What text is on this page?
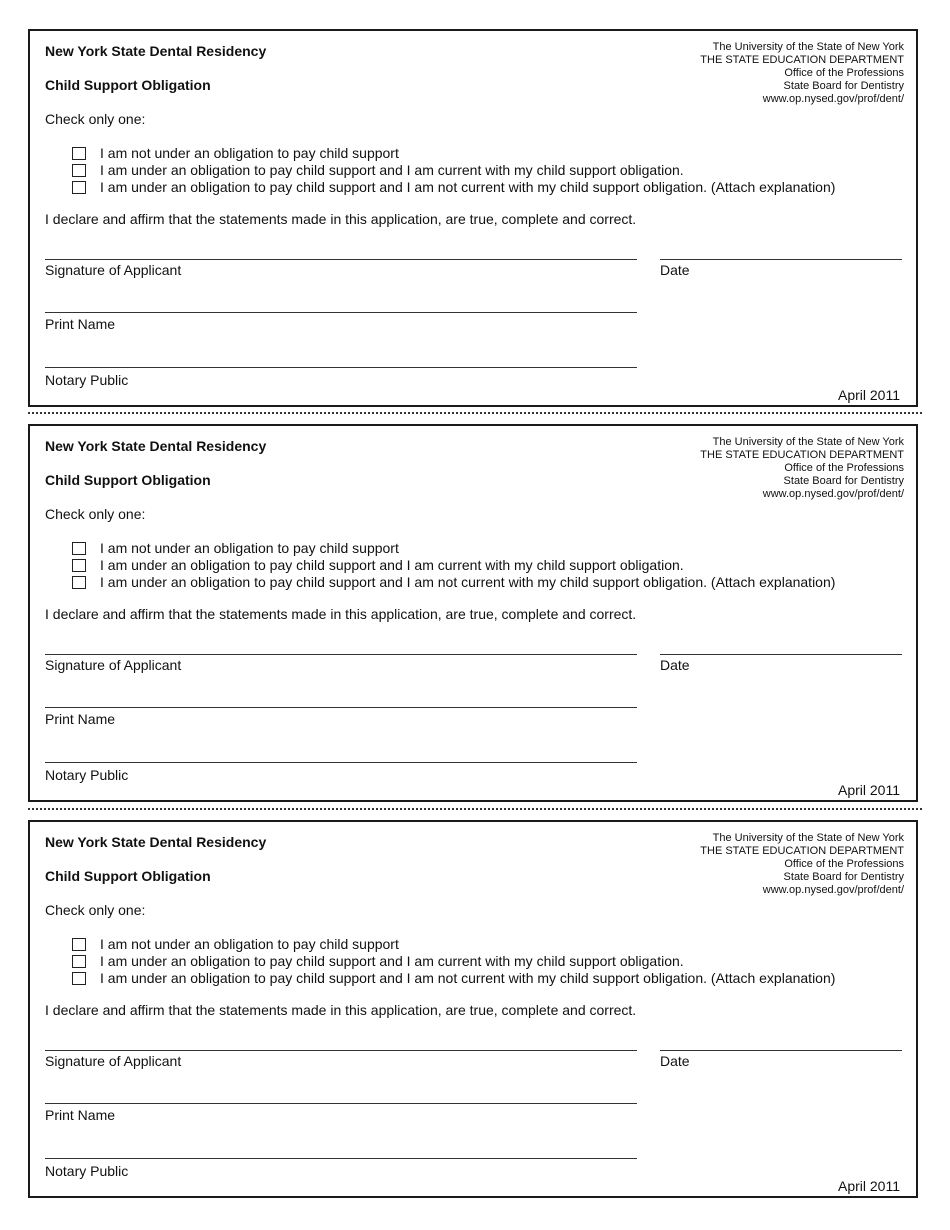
New York State Dental Residency
Child Support Obligation
The University of the State of New York
THE STATE EDUCATION DEPARTMENT
Office of the Professions
State Board for Dentistry
www.op.nysed.gov/prof/dent/
Check only one:
I am not under an obligation to pay child support
I am under an obligation to pay child support and I am current with my child support obligation.
I am under an obligation to pay child support and I am not current with my child support obligation. (Attach explanation)
I declare and affirm that the statements made in this application, are true, complete and correct.
Signature of Applicant	Date
Print Name
Notary Public
April 2011
New York State Dental Residency
Child Support Obligation
The University of the State of New York
THE STATE EDUCATION DEPARTMENT
Office of the Professions
State Board for Dentistry
www.op.nysed.gov/prof/dent/
Check only one:
I am not under an obligation to pay child support
I am under an obligation to pay child support and I am current with my child support obligation.
I am under an obligation to pay child support and I am not current with my child support obligation. (Attach explanation)
I declare and affirm that the statements made in this application, are true, complete and correct.
Signature of Applicant	Date
Print Name
Notary Public
April 2011
New York State Dental Residency
Child Support Obligation
The University of the State of New York
THE STATE EDUCATION DEPARTMENT
Office of the Professions
State Board for Dentistry
www.op.nysed.gov/prof/dent/
Check only one:
I am not under an obligation to pay child support
I am under an obligation to pay child support and I am current with my child support obligation.
I am under an obligation to pay child support and I am not current with my child support obligation. (Attach explanation)
I declare and affirm that the statements made in this application, are true, complete and correct.
Signature of Applicant	Date
Print Name
Notary Public
April 2011
